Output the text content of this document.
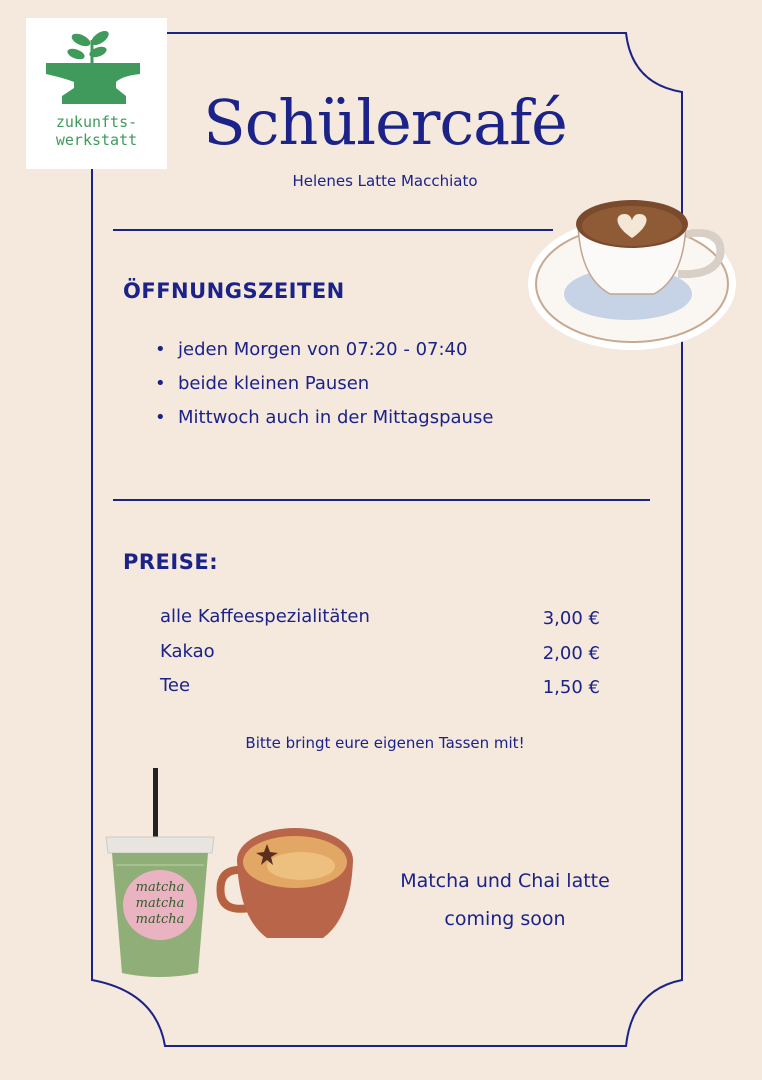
zukunfts-
werkstatt	Schülercafé
Helenes Latte Macchiato
ÖFFNUNGSZEITEN
• jeden Morgen von 07:20 - 07:40
• beide kleinen Pausen
• Mittwoch auch in der Mittagspause
PREISE:
alle Kaffeespezialitäten	3,00 €
Kakao	2,00 €
Tee	1,50 €
Bitte bringt eure eigenen Tassen mit!
matcha
matcha
matcha
Matcha und Chai latte
coming soon
